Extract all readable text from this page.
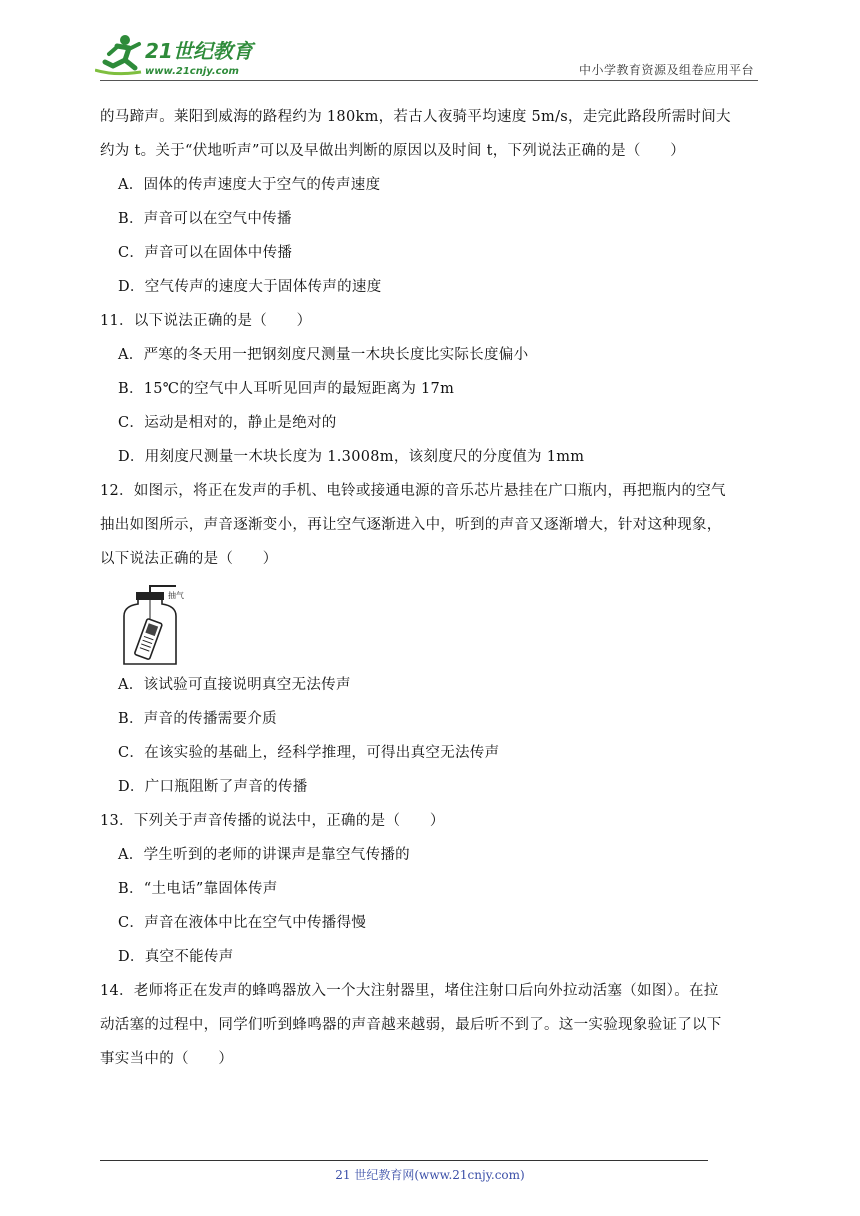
21世纪教育
www.21cnjy.com	中小学教育资源及组卷应用平台
的马蹄声。莱阳到威海的路程约为 180km，若古人夜骑平均速度 5m/s，走完此路段所需时间大
约为 t。关于“伏地听声”可以及早做出判断的原因以及时间 t，下列说法正确的是（　　）
A．固体的传声速度大于空气的传声速度
B．声音可以在空气中传播
C．声音可以在固体中传播
D．空气传声的速度大于固体传声的速度
11．以下说法正确的是（　　）
A．严寒的冬天用一把钢刻度尺测量一木块长度比实际长度偏小
B．15℃的空气中人耳听见回声的最短距离为 17m
C．运动是相对的，静止是绝对的
D．用刻度尺测量一木块长度为 1.3008m，该刻度尺的分度值为 1mm
12．如图示，将正在发声的手机、电铃或接通电源的音乐芯片悬挂在广口瓶内，再把瓶内的空气
抽出如图所示，声音逐渐变小，再让空气逐渐进入中，听到的声音又逐渐增大，针对这种现象，
以下说法正确的是（　　）
抽气
A．该试验可直接说明真空无法传声
B．声音的传播需要介质
C．在该实验的基础上，经科学推理，可得出真空无法传声
D．广口瓶阻断了声音的传播
13．下列关于声音传播的说法中，正确的是（　　）
A．学生听到的老师的讲课声是靠空气传播的
B．“土电话”靠固体传声
C．声音在液体中比在空气中传播得慢
D．真空不能传声
14．老师将正在发声的蜂鸣器放入一个大注射器里，堵住注射口后向外拉动活塞（如图）。在拉
动活塞的过程中，同学们听到蜂鸣器的声音越来越弱，最后听不到了。这一实验现象验证了以下
事实当中的（　　）
21 世纪教育网(www.21cnjy.com)
